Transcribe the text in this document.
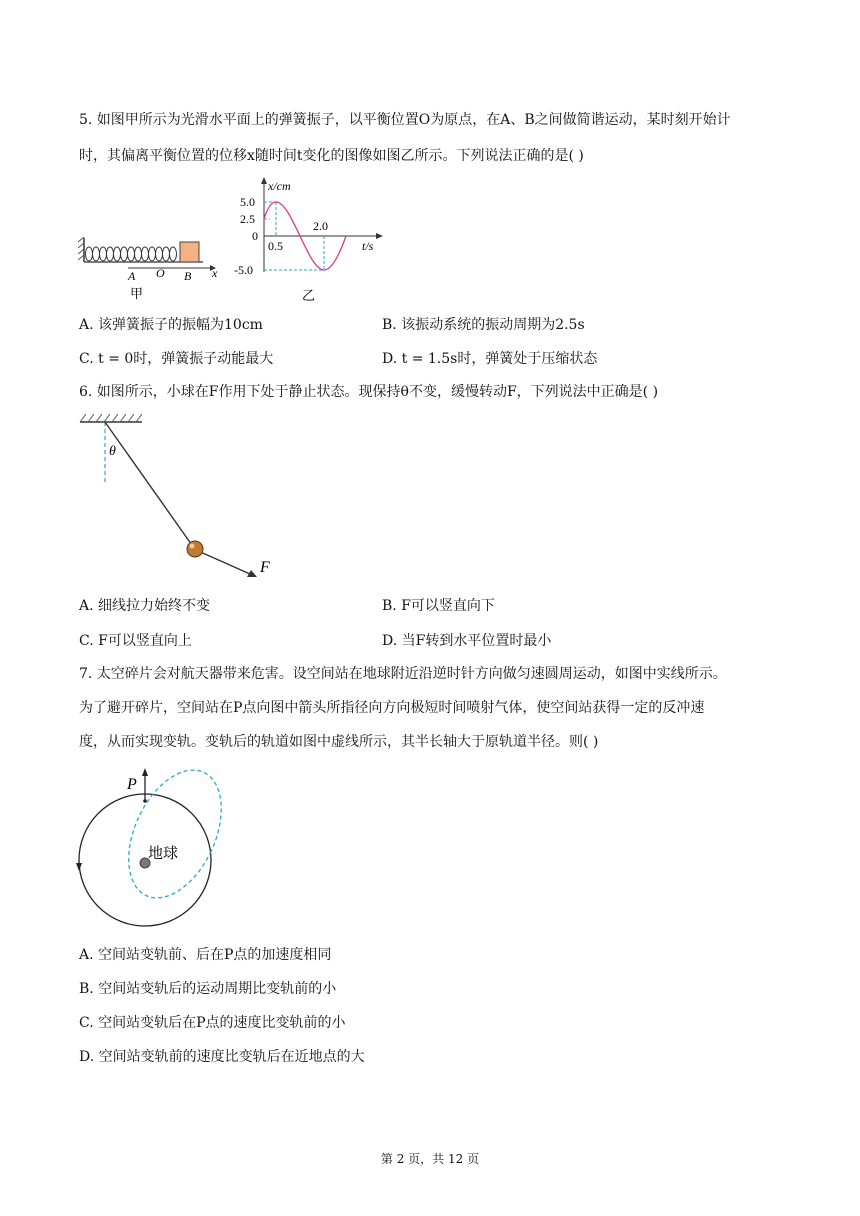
5. 如图甲所示为光滑水平面上的弹簧振子，以平衡位置O为原点，在A、B之间做简谐运动，某时刻开始计
时，其偏离平衡位置的位移x随时间t变化的图像如图乙所示。下列说法正确的是( )
A O B x
甲
x/cm
t/s
5.0
2.5
0
-5.0
0.5
2.0
乙
A. 该弹簧振子的振幅为10cm	B. 该振动系统的振动周期为2.5s
C. t = 0时，弹簧振子动能最大	D. t = 1.5s时，弹簧处于压缩状态
6. 如图所示，小球在F作用下处于静止状态。现保持θ不变，缓慢转动F，下列说法中正确是( )
θ
F
A. 细线拉力始终不变	B. F可以竖直向下
C. F可以竖直向上	D. 当F转到水平位置时最小
7. 太空碎片会对航天器带来危害。设空间站在地球附近沿逆时针方向做匀速圆周运动，如图中实线所示。
为了避开碎片，空间站在P点向图中箭头所指径向方向极短时间喷射气体，使空间站获得一定的反冲速
度，从而实现变轨。变轨后的轨道如图中虚线所示，其半长轴大于原轨道半径。则( )
P
地球
A. 空间站变轨前、后在P点的加速度相同
B. 空间站变轨后的运动周期比变轨前的小
C. 空间站变轨后在P点的速度比变轨前的小
D. 空间站变轨前的速度比变轨后在近地点的大
第 2 页，共 12 页
